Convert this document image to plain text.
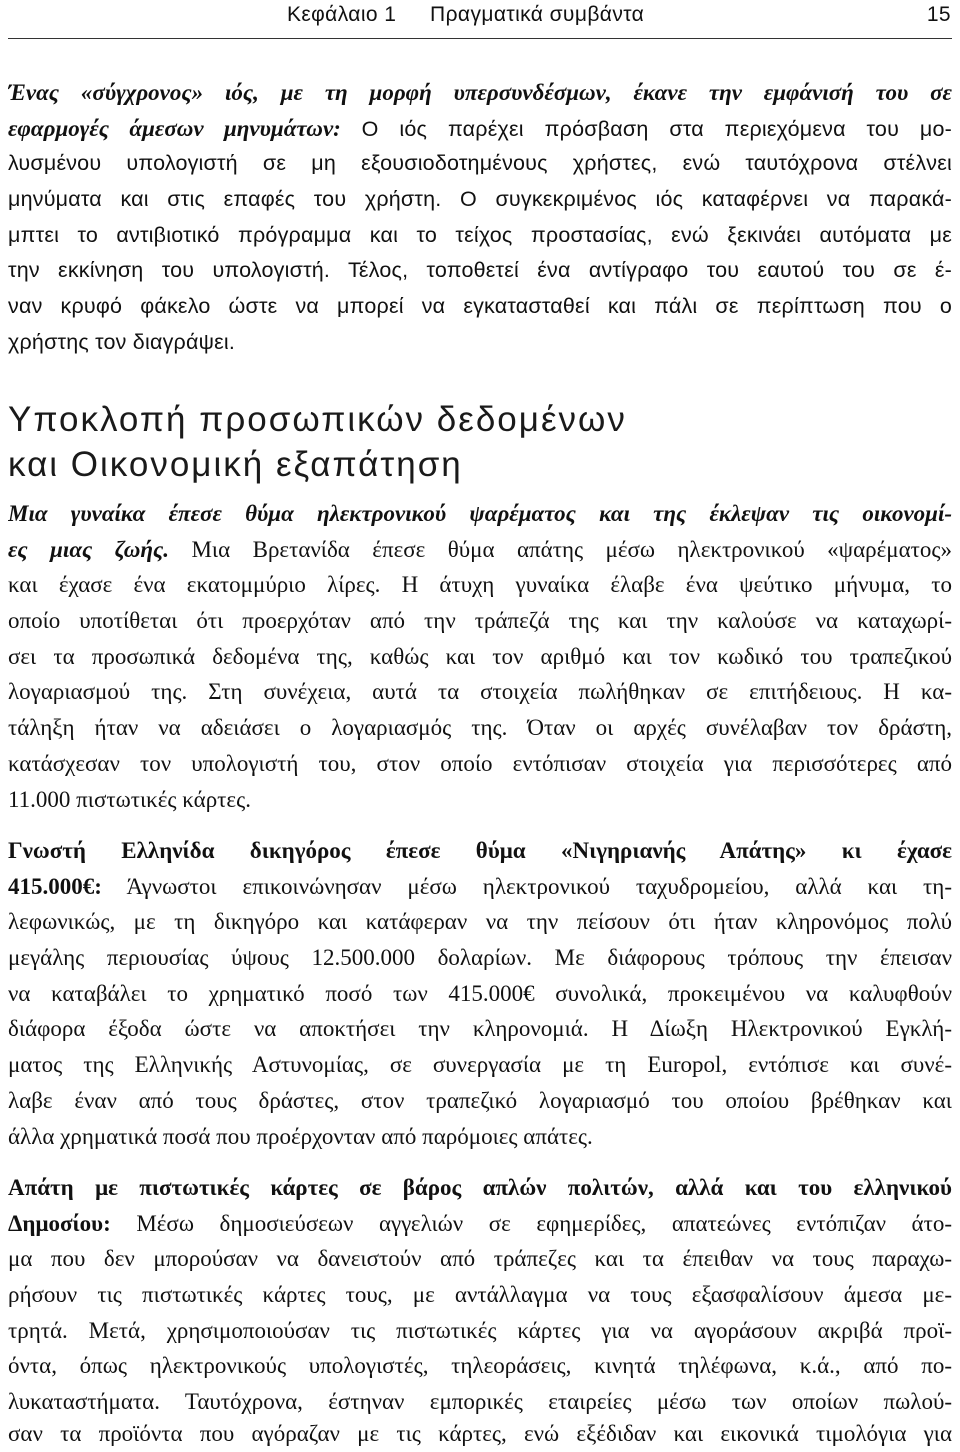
Κεφάλαιο 1 Πραγματικά συμβάντα	15
Ένας «σύγχρονος» ιός, με τη μορφή υπερσυνδέσμων, έκανε την εμφάνισή του σε
εφαρμογές άμεσων μηνυμάτων: Ο ιός παρέχει πρόσβαση στα περιεχόμενα του μο-
λυσμένου υπολογιστή σε μη εξουσιοδοτημένους χρήστες, ενώ ταυτόχρονα στέλνει
μηνύματα και στις επαφές του χρήστη. Ο συγκεκριμένος ιός καταφέρνει να παρακά-
μπτει το αντιβιοτικό πρόγραμμα και το τείχος προστασίας, ενώ ξεκινάει αυτόματα με
την εκκίνηση του υπολογιστή. Τέλος, τοποθετεί ένα αντίγραφο του εαυτού του σε έ-
ναν κρυφό φάκελο ώστε να μπορεί να εγκατασταθεί και πάλι σε περίπτωση που ο
χρήστης τον διαγράψει.
Υποκλοπή προσωπικών δεδομένων
και Οικονομική εξαπάτηση
Μια γυναίκα έπεσε θύμα ηλεκτρονικού ψαρέματος και της έκλεψαν τις οικονομί-
ες μιας ζωής. Μια Βρετανίδα έπεσε θύμα απάτης μέσω ηλεκτρονικού «ψαρέματος»
και έχασε ένα εκατομμύριο λίρες. Η άτυχη γυναίκα έλαβε ένα ψεύτικο μήνυμα, το
οποίο υποτίθεται ότι προερχόταν από την τράπεζά της και την καλούσε να καταχωρί-
σει τα προσωπικά δεδομένα της, καθώς και τον αριθμό και τον κωδικό του τραπεζικού
λογαριασμού της. Στη συνέχεια, αυτά τα στοιχεία πωλήθηκαν σε επιτήδειους. Η κα-
τάληξη ήταν να αδειάσει ο λογαριασμός της. Όταν οι αρχές συνέλαβαν τον δράστη,
κατάσχεσαν τον υπολογιστή του, στον οποίο εντόπισαν στοιχεία για περισσότερες από
11.000 πιστωτικές κάρτες.
Γνωστή Ελληνίδα δικηγόρος έπεσε θύμα «Νιγηριανής Απάτης» κι έχασε
415.000€: Άγνωστοι επικοινώνησαν μέσω ηλεκτρονικού ταχυδρομείου, αλλά και τη-
λεφωνικώς, με τη δικηγόρο και κατάφεραν να την πείσουν ότι ήταν κληρονόμος πολύ
μεγάλης περιουσίας ύψους 12.500.000 δολαρίων. Με διάφορους τρόπους την έπεισαν
να καταβάλει το χρηματικό ποσό των 415.000€ συνολικά, προκειμένου να καλυφθούν
διάφορα έξοδα ώστε να αποκτήσει την κληρονομιά. Η Δίωξη Ηλεκτρονικού Εγκλή-
ματος της Ελληνικής Αστυνομίας, σε συνεργασία με τη Europol, εντόπισε και συνέ-
λαβε έναν από τους δράστες, στον τραπεζικό λογαριασμό του οποίου βρέθηκαν και
άλλα χρηματικά ποσά που προέρχονταν από παρόμοιες απάτες.
Απάτη με πιστωτικές κάρτες σε βάρος απλών πολιτών, αλλά και του ελληνικού
Δημοσίου: Μέσω δημοσιεύσεων αγγελιών σε εφημερίδες, απατεώνες εντόπιζαν άτο-
μα που δεν μπορούσαν να δανειστούν από τράπεζες και τα έπειθαν να τους παραχω-
ρήσουν τις πιστωτικές κάρτες τους, με αντάλλαγμα να τους εξασφαλίσουν άμεσα με-
τρητά. Μετά, χρησιμοποιούσαν τις πιστωτικές κάρτες για να αγοράσουν ακριβά προϊ-
όντα, όπως ηλεκτρονικούς υπολογιστές, τηλεοράσεις, κινητά τηλέφωνα, κ.ά., από πο-
λυκαταστήματα. Ταυτόχρονα, έστηναν εμπορικές εταιρείες μέσω των οποίων πωλού-
σαν τα προϊόντα που αγόραζαν με τις κάρτες, ενώ εξέδιδαν και εικονικά τιμολόγια για
